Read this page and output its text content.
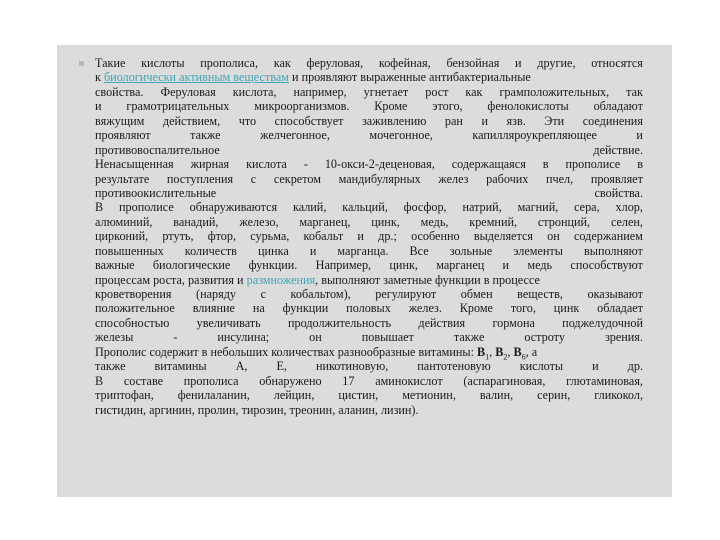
Такие кислоты прополиса, как феруловая, кофейная, бензойная и другие, относятся
к биологически активным веществам и проявляют выраженные антибактериальные
свойства. Феруловая кислота, например, угнетает рост как грамположительных, так
и грамотрицательных микроорганизмов. Кроме этого, фенолокислоты обладают
вяжущим действием, что способствует заживлению ран и язв. Эти соединения
проявляют	также	желчегонное,	мочегонное,	капилляроукрепляющее	и
противовоспалительное	действие.
Ненасыщенная жирная кислота - 10-окси-2-деценовая, содержащаяся в прополисе в
результате поступления с секретом мандибулярных желез рабочих пчел, проявляет
противоокислительные	свойства.
В прополисе обнаруживаются калий, кальций, фосфор, натрий, магний, сера, хлор,
алюминий, ванадий, железо, марганец, цинк, медь, кремний, стронций, селен,
цирконий, ртуть, фтор, сурьма, кобальт и др.; особенно выделяется он содержанием
повышенных количеств цинка и марганца. Все зольные элементы выполняют
важные биологические функции. Например, цинк, марганец и медь способствуют
процессам роста, развития и размножения, выполняют заметные функции в процессе
кроветворения (наряду с кобальтом), регулируют обмен веществ, оказывают
положительное влияние на функции половых желез. Кроме того, цинк обладает
способностью увеличивать продолжительность действия гормона поджелудочной
железы	-	инсулина;	он	повышает	также	остроту	зрения.
Прополис содержит в небольших количествах разнообразные витамины: $В_1$, $В_2$, $В_6$, а
также витамины А, Е, никотиновую, пантотеновую кислоты и др.
В составе прополиса обнаружено 17 аминокислот (аспарагиновая, глютаминовая,
триптофан, фенилаланин, лейцин, цистин, метионин, валин, серин, гликокол,
гистидин, аргинин, пролин, тирозин, треонин, аланин, лизин).
